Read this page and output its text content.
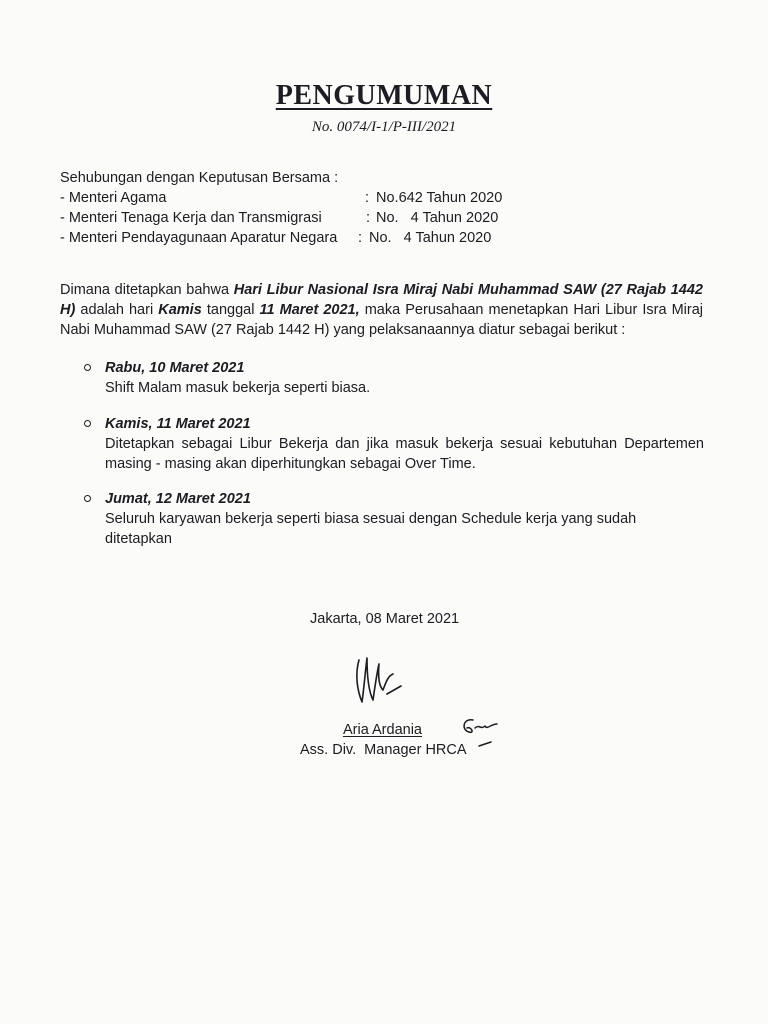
PENGUMUMAN
No. 0074/I-1/P-III/2021
Sehubungan dengan Keputusan Bersama :
- Menteri Agama	: No.642 Tahun 2020
- Menteri Tenaga Kerja dan Transmigrasi	: No.   4 Tahun 2020
- Menteri Pendayagunaan Aparatur Negara : No.   4 Tahun 2020
Dimana ditetapkan bahwa Hari Libur Nasional Isra Miraj Nabi Muhammad SAW (27 Rajab 1442 H) adalah hari Kamis tanggal 11 Maret 2021, maka Perusahaan menetapkan Hari Libur Isra Miraj Nabi Muhammad SAW (27 Rajab 1442 H) yang pelaksanaannya diatur sebagai berikut :
Rabu, 10 Maret 2021
Shift Malam masuk bekerja seperti biasa.
Kamis, 11 Maret 2021
Ditetapkan sebagai Libur Bekerja dan jika masuk bekerja sesuai kebutuhan Departemen masing - masing akan diperhitungkan sebagai Over Time.
Jumat, 12 Maret 2021
Seluruh karyawan bekerja seperti biasa sesuai dengan Schedule kerja yang sudah ditetapkan
Jakarta, 08 Maret 2021
Aria Ardania
Ass. Div.  Manager HRCA
